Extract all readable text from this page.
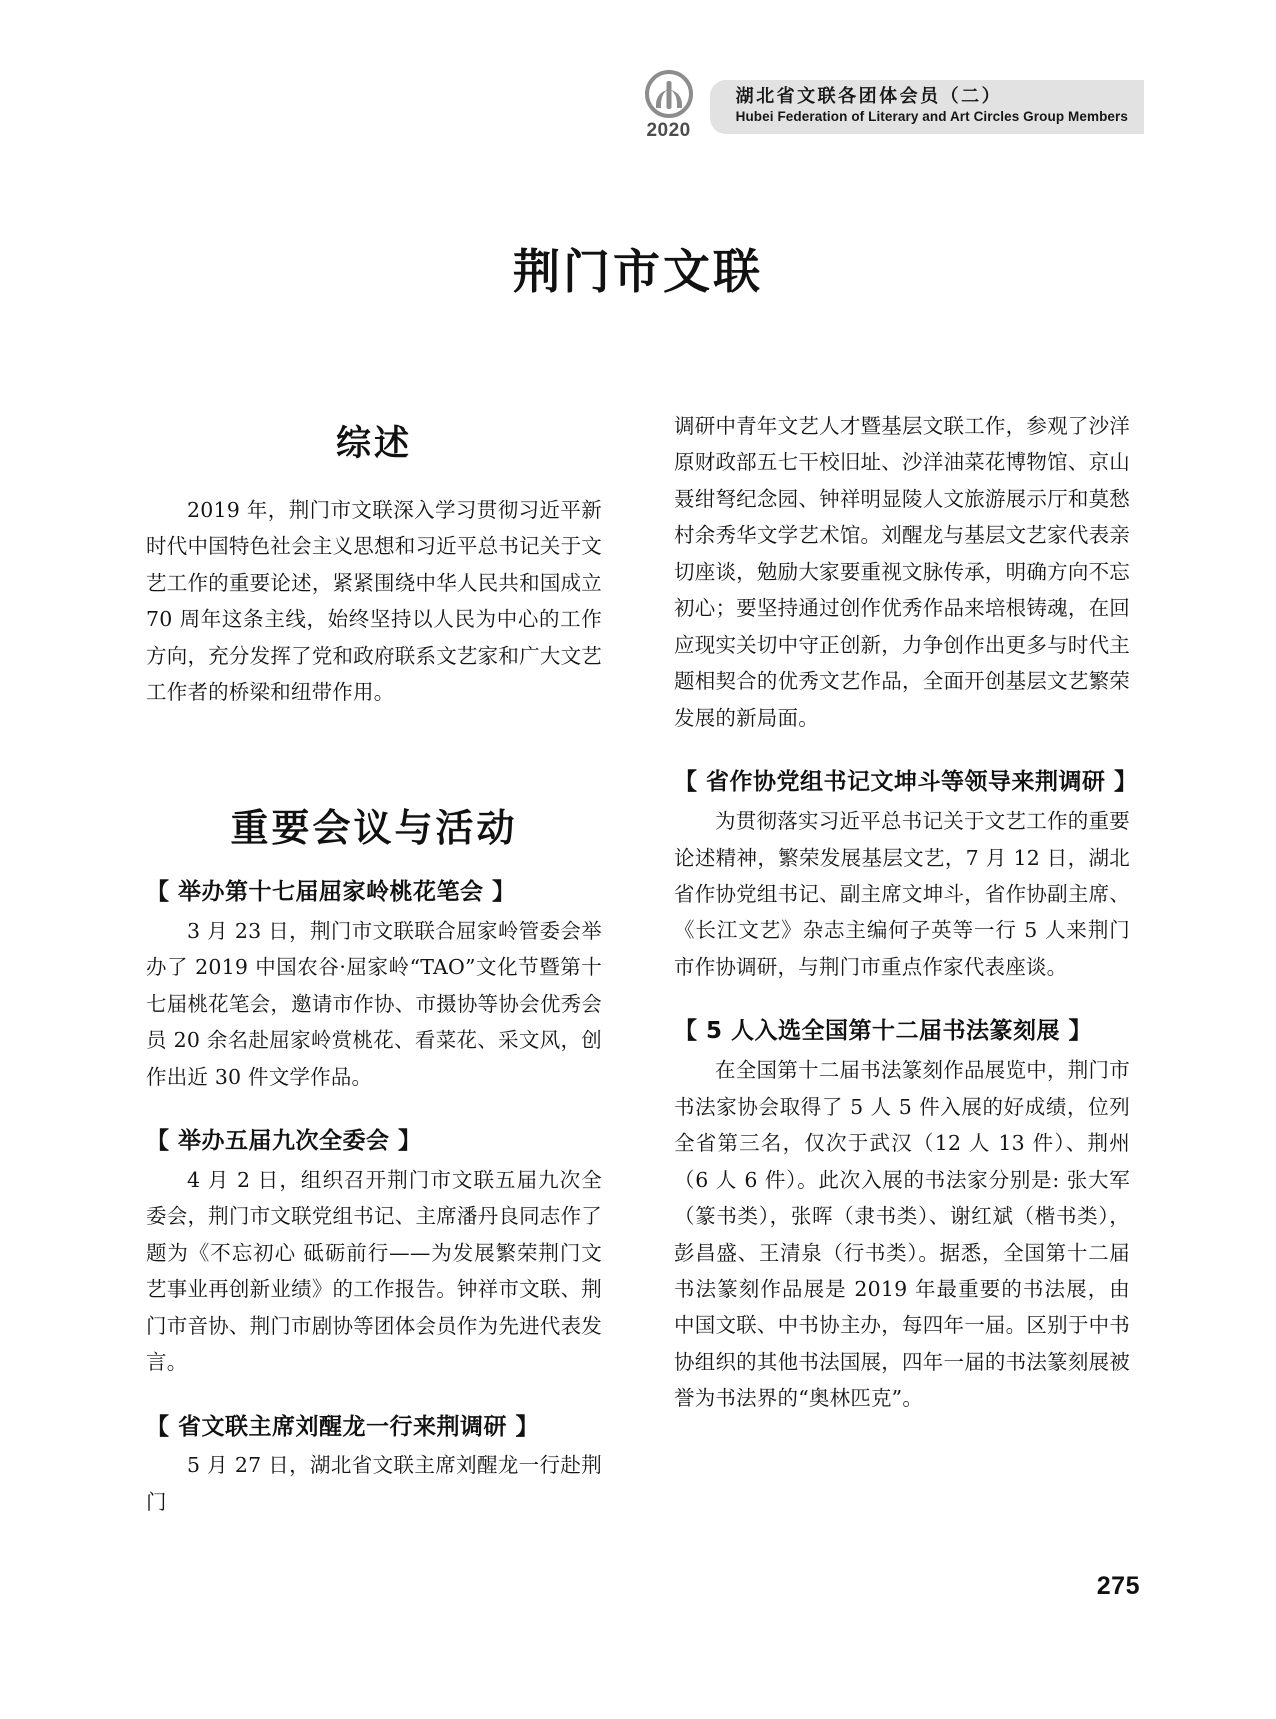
2020
湖北省文联各团体会员（二）
Hubei Federation of Literary and Art Circles Group Members
荆门市文联
综述

2019 年，荆门市文联深入学习贯彻习近平新时代中国特色社会主义思想和习近平总书记关于文艺工作的重要论述，紧紧围绕中华人民共和国成立 70 周年这条主线，始终坚持以人民为中心的工作方向，充分发挥了党和政府联系文艺家和广大文艺工作者的桥梁和纽带作用。

重要会议与活动
【 举办第十七届屈家岭桃花笔会 】

3 月 23 日，荆门市文联联合屈家岭管委会举办了 2019 中国农谷·屈家岭“TAO”文化节暨第十七届桃花笔会，邀请市作协、市摄协等协会优秀会员 20 余名赴屈家岭赏桃花、看菜花、采文风，创作出近 30 件文学作品。

【 举办五届九次全委会 】

4 月 2 日，组织召开荆门市文联五届九次全委会，荆门市文联党组书记、主席潘丹良同志作了题为《不忘初心 砥砺前行——为发展繁荣荆门文艺事业再创新业绩》的工作报告。钟祥市文联、荆门市音协、荆门市剧协等团体会员作为先进代表发言。

【 省文联主席刘醒龙一行来荆调研 】

5 月 27 日，湖北省文联主席刘醒龙一行赴荆门

调研中青年文艺人才暨基层文联工作，参观了沙洋原财政部五七干校旧址、沙洋油菜花博物馆、京山聂绀弩纪念园、钟祥明显陵人文旅游展示厅和莫愁村余秀华文学艺术馆。刘醒龙与基层文艺家代表亲切座谈，勉励大家要重视文脉传承，明确方向不忘初心；要坚持通过创作优秀作品来培根铸魂，在回应现实关切中守正创新，力争创作出更多与时代主题相契合的优秀文艺作品，全面开创基层文艺繁荣发展的新局面。

【 省作协党组书记文坤斗等领导来荆调研 】

为贯彻落实习近平总书记关于文艺工作的重要论述精神，繁荣发展基层文艺，7 月 12 日，湖北省作协党组书记、副主席文坤斗，省作协副主席、《长江文艺》杂志主编何子英等一行 5 人来荆门市作协调研，与荆门市重点作家代表座谈。

【 5 人入选全国第十二届书法篆刻展 】

在全国第十二届书法篆刻作品展览中，荆门市书法家协会取得了 5 人 5 件入展的好成绩，位列全省第三名，仅次于武汉（12 人 13 件）、荆州（6 人 6 件）。此次入展的书法家分别是: 张大军（篆书类），张晖（隶书类）、谢红斌（楷书类），彭昌盛、王清泉（行书类）。据悉，全国第十二届书法篆刻作品展是 2019 年最重要的书法展，由中国文联、中书协主办，每四年一届。区别于中书协组织的其他书法国展，四年一届的书法篆刻展被誉为书法界的“奥林匹克”。

275
